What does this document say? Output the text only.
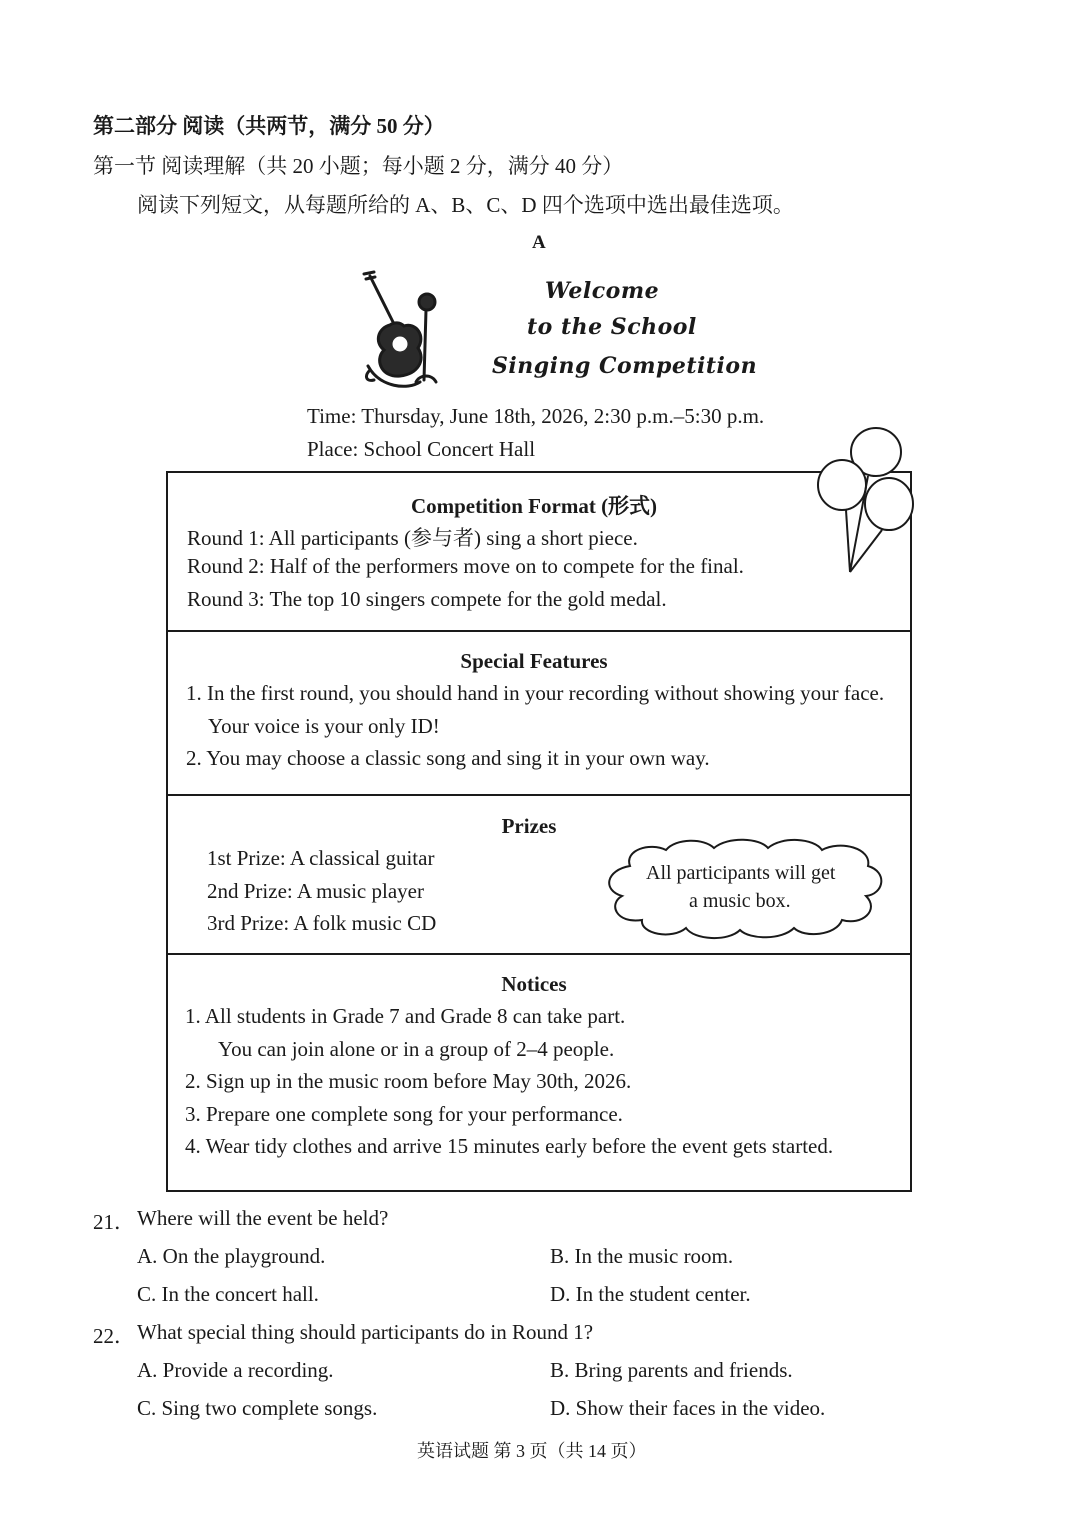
第二部分 阅读（共两节，满分 50 分）
第一节 阅读理解（共 20 小题；每小题 2 分，满分 40 分）
阅读下列短文，从每题所给的 A、B、C、D 四个选项中选出最佳选项。
A
Welcome
to the School
Singing Competition
Time: Thursday, June 18th, 2026, 2:30 p.m.–5:30 p.m.
Place: School Concert Hall
Competition Format (形式)
Round 1: All participants (参与者) sing a short piece.
Round 2: Half of the performers move on to compete for the final.
Round 3: The top 10 singers compete for the gold medal.
Special Features
1. In the first round, you should hand in your recording without showing your face.
Your voice is your only ID!
2. You may choose a classic song and sing it in your own way.
Prizes
1st Prize: A classical guitar
2nd Prize: A music player
3rd Prize: A folk music CD
All participants will get
a music box.
Notices
1. All students in Grade 7 and Grade 8 can take part.
You can join alone or in a group of 2–4 people.
2. Sign up in the music room before May 30th, 2026.
3. Prepare one complete song for your performance.
4. Wear tidy clothes and arrive 15 minutes early before the event gets started.
21． Where will the event be held?
A. On the playground.	B. In the music room.
C. In the concert hall.	D. In the student center.
22． What special thing should participants do in Round 1?
A. Provide a recording.	B. Bring parents and friends.
C. Sing two complete songs.	D. Show their faces in the video.
英语试题 第 3 页（共 14 页）
